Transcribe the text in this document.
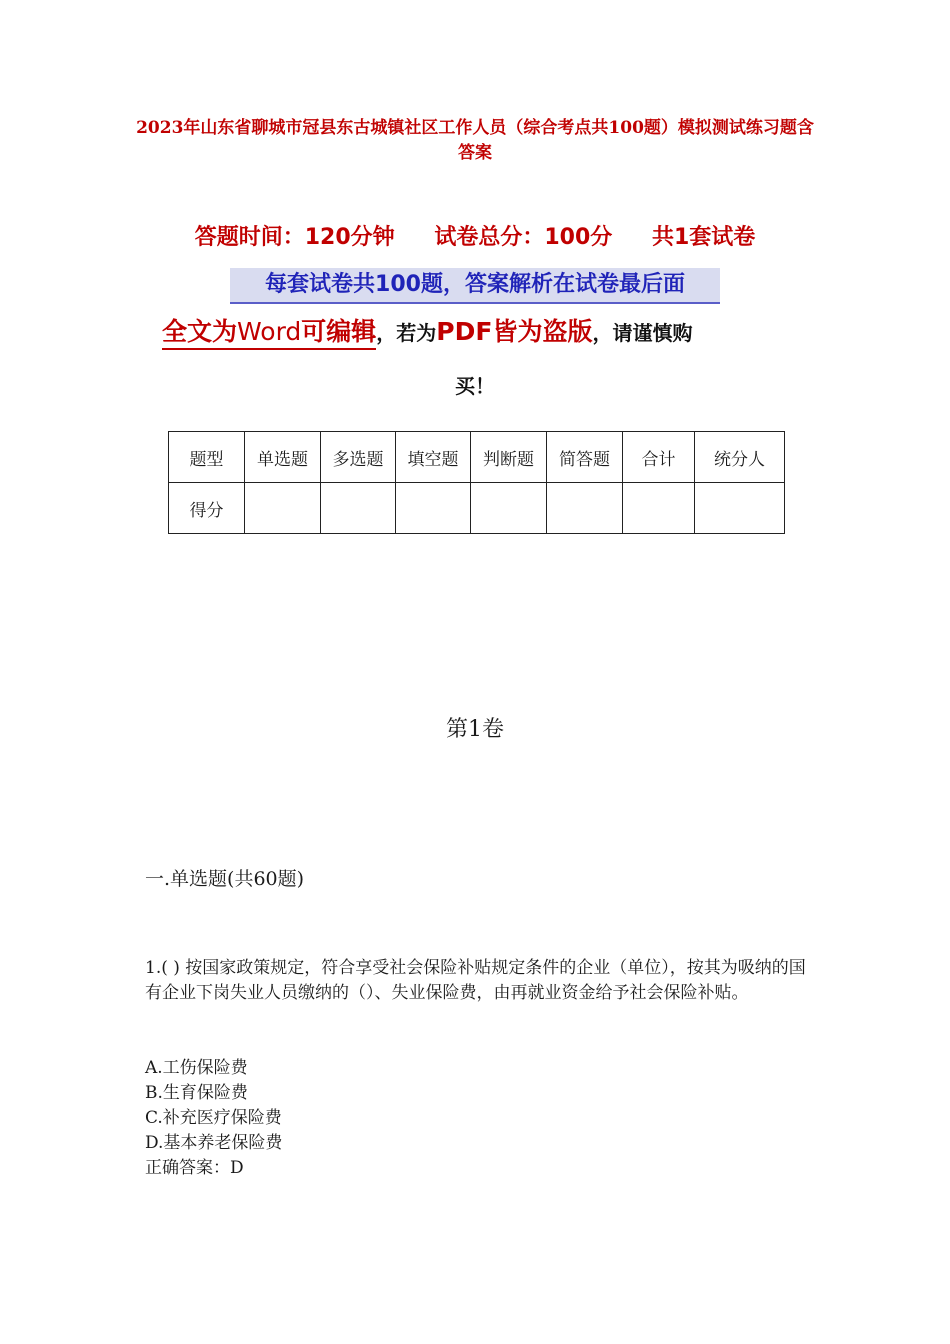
2023年山东省聊城市冠县东古城镇社区工作人员（综合考点共100题）模拟测试练习题含答案
答题时间：120分钟 试卷总分：100分 共1套试卷
每套试卷共100题，答案解析在试卷最后面
全文为Word可编辑，若为PDF皆为盗版，请谨慎购
买！
题型	单选题	多选题	填空题	判断题	简答题	合计	统分人
得分							
第1卷
一.单选题(共60题)
1.( ) 按国家政策规定，符合享受社会保险补贴规定条件的企业（单位），按其为吸纳的国有企业下岗失业人员缴纳的（）、失业保险费，由再就业资金给予社会保险补贴。
A.工伤保险费
B.生育保险费
C.补充医疗保险费
D.基本养老保险费
正确答案：D
